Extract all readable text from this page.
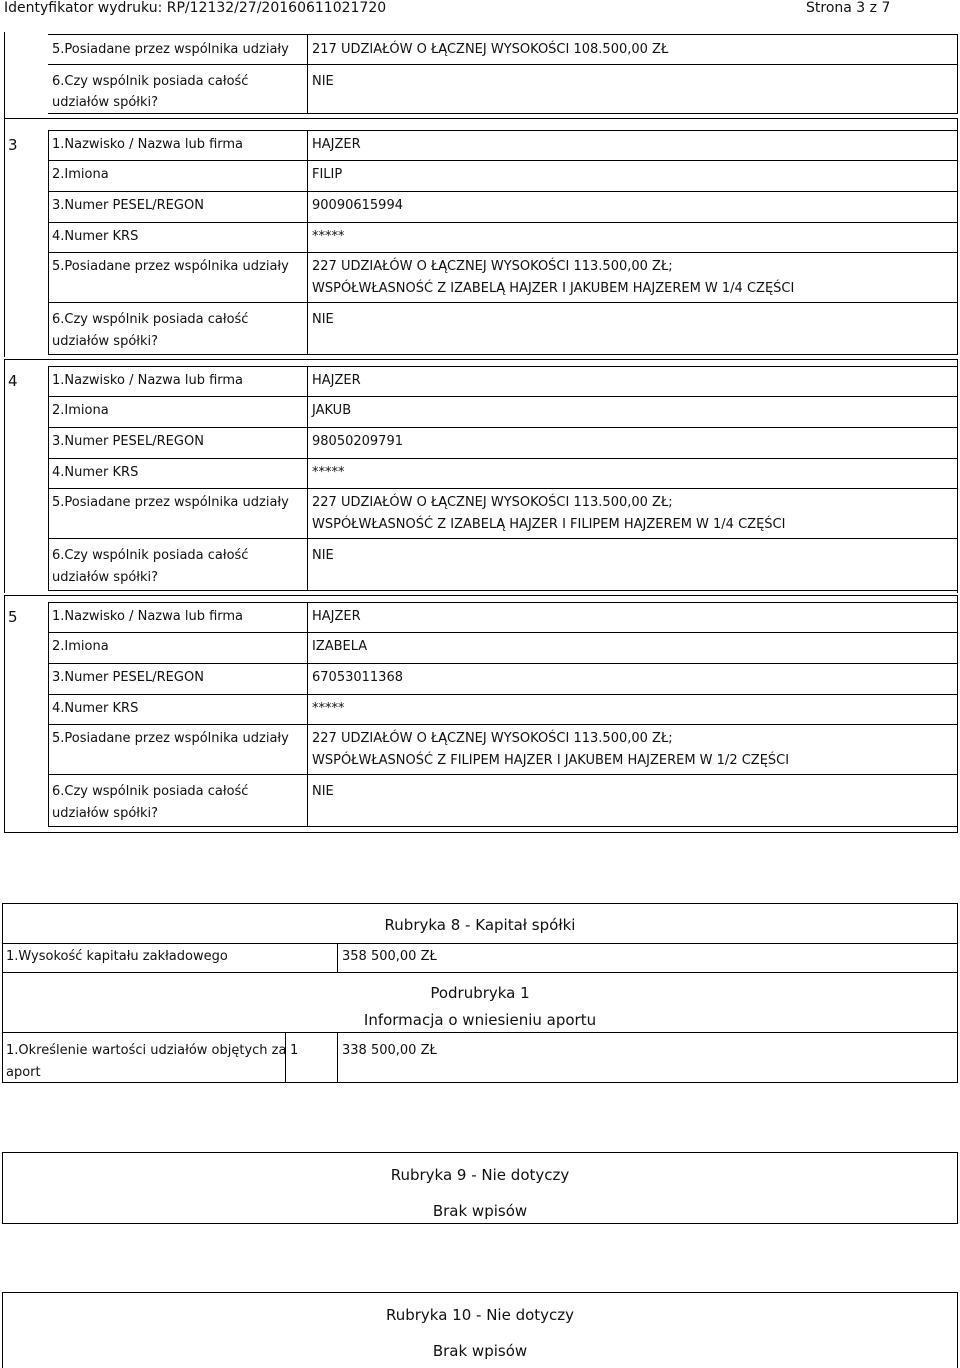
Identyfikator wydruku: RP/12132/27/20160611021720	Strona 3 z 7
5.Posiadane przez wspólnika udziały 217 UDZIAŁÓW O ŁĄCZNEJ WYSOKOŚCI 108.500,00 ZŁ
6.Czy wspólnik posiada całość
udziałów spółki?
NIE
3	1.Nazwisko / Nazwa lub firma	HAJZER
2.Imiona	FILIP
3.Numer PESEL/REGON	90090615994
4.Numer KRS	*****
5.Posiadane przez wspólnika udziały 227 UDZIAŁÓW O ŁĄCZNEJ WYSOKOŚCI 113.500,00 ZŁ;
WSPÓŁWŁASNOŚĆ Z IZABELĄ HAJZER I JAKUBEM HAJZEREM W 1/4 CZĘŚCI
6.Czy wspólnik posiada całość
udziałów spółki?
NIE
4	1.Nazwisko / Nazwa lub firma	HAJZER
2.Imiona	JAKUB
3.Numer PESEL/REGON	98050209791
4.Numer KRS	*****
5.Posiadane przez wspólnika udziały 227 UDZIAŁÓW O ŁĄCZNEJ WYSOKOŚCI 113.500,00 ZŁ;
WSPÓŁWŁASNOŚĆ Z IZABELĄ HAJZER I FILIPEM HAJZEREM W 1/4 CZĘŚCI
6.Czy wspólnik posiada całość
udziałów spółki?
NIE
5	1.Nazwisko / Nazwa lub firma	HAJZER
2.Imiona	IZABELA
3.Numer PESEL/REGON	67053011368
4.Numer KRS	*****
5.Posiadane przez wspólnika udziały 227 UDZIAŁÓW O ŁĄCZNEJ WYSOKOŚCI 113.500,00 ZŁ;
WSPÓŁWŁASNOŚĆ Z FILIPEM HAJZER I JAKUBEM HAJZEREM W 1/2 CZĘŚCI
6.Czy wspólnik posiada całość
udziałów spółki?
NIE
Rubryka 8 - Kapitał spółki
1.Wysokość kapitału zakładowego	358 500,00 ZŁ
Podrubryka 1
Informacja o wniesieniu aportu
1.Określenie wartości udziałów objętych za
aport
1	338 500,00 ZŁ
Rubryka 9 - Nie dotyczy
Brak wpisów
Rubryka 10 - Nie dotyczy
Brak wpisów
